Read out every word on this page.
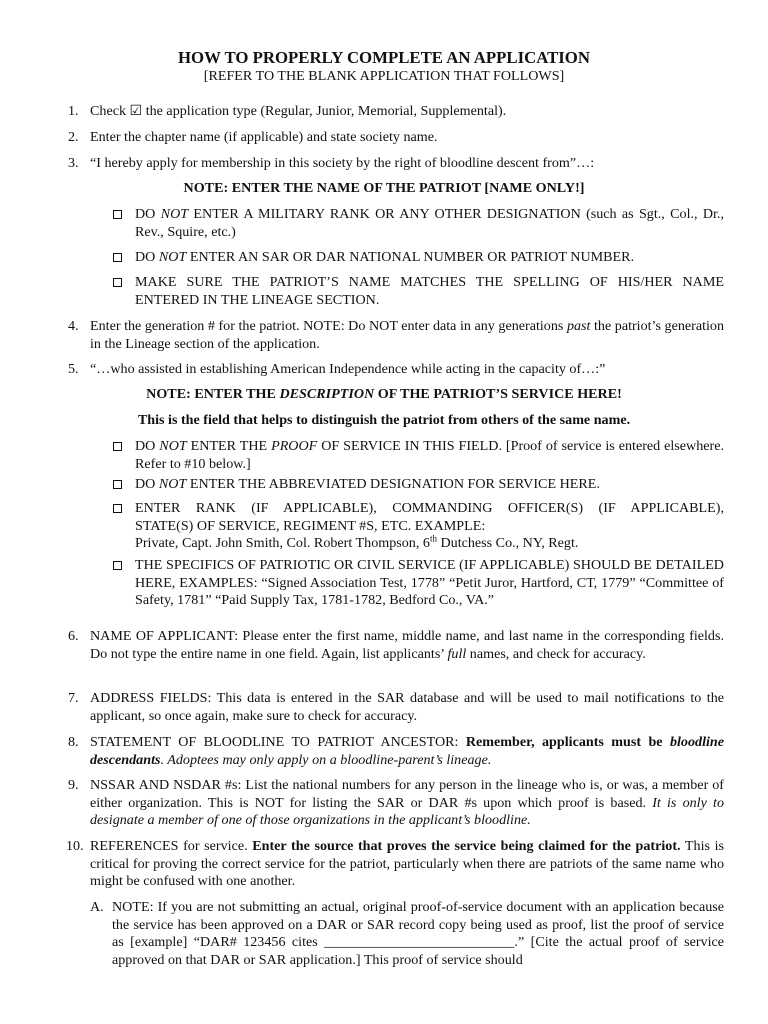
HOW TO PROPERLY COMPLETE AN APPLICATION
[REFER TO THE BLANK APPLICATION THAT FOLLOWS]
1. Check ☑ the application type (Regular, Junior, Memorial, Supplemental).
2. Enter the chapter name (if applicable) and state society name.
3. “I hereby apply for membership in this society by the right of bloodline descent from”…:
NOTE: ENTER THE NAME OF THE PATRIOT [NAME ONLY!]
DO NOT ENTER A MILITARY RANK OR ANY OTHER DESIGNATION (such as Sgt., Col., Dr., Rev., Squire, etc.)
DO NOT ENTER AN SAR OR DAR NATIONAL NUMBER OR PATRIOT NUMBER.
MAKE SURE THE PATRIOT’S NAME MATCHES THE SPELLING OF HIS/HER NAME ENTERED IN THE LINEAGE SECTION.
4. Enter the generation # for the patriot. NOTE: Do NOT enter data in any generations past the patriot’s generation in the Lineage section of the application.
5. “…who assisted in establishing American Independence while acting in the capacity of…:”
NOTE: ENTER THE DESCRIPTION OF THE PATRIOT’S SERVICE HERE!
This is the field that helps to distinguish the patriot from others of the same name.
DO NOT ENTER THE PROOF OF SERVICE IN THIS FIELD. [Proof of service is entered elsewhere. Refer to #10 below.]
DO NOT ENTER THE ABBREVIATED DESIGNATION FOR SERVICE HERE.
ENTER RANK (IF APPLICABLE), COMMANDING OFFICER(S) (IF APPLICABLE),
STATE(S) OF SERVICE, REGIMENT #S, ETC. EXAMPLE:
Private, Capt. John Smith, Col. Robert Thompson, 6th Dutchess Co., NY, Regt.
THE SPECIFICS OF PATRIOTIC OR CIVIL SERVICE (IF APPLICABLE) SHOULD BE DETAILED HERE, EXAMPLES: “Signed Association Test, 1778” “Petit Juror, Hartford, CT, 1779” “Committee of Safety, 1781” “Paid Supply Tax, 1781-1782, Bedford Co., VA.”
6. NAME OF APPLICANT: Please enter the first name, middle name, and last name in the corresponding fields. Do not type the entire name in one field. Again, list applicants’ full names, and check for accuracy.
7. ADDRESS FIELDS: This data is entered in the SAR database and will be used to mail notifications to the applicant, so once again, make sure to check for accuracy.
8. STATEMENT OF BLOODLINE TO PATRIOT ANCESTOR: Remember, applicants must be bloodline descendants. Adoptees may only apply on a bloodline-parent’s lineage.
9. NSSAR AND NSDAR #s: List the national numbers for any person in the lineage who is, or was, a member of either organization. This is NOT for listing the SAR or DAR #s upon which proof is based. It is only to designate a member of one of those organizations in the applicant’s bloodline.
10. REFERENCES for service. Enter the source that proves the service being claimed for the patriot. This is critical for proving the correct service for the patriot, particularly when there are patriots of the same name who might be confused with one another.
A. NOTE: If you are not submitting an actual, original proof-of-service document with an application because the service has been approved on a DAR or SAR record copy being used as proof, list the proof of service as [example] “DAR# 123456 cites ___________________________.” [Cite the actual proof of service approved on that DAR or SAR application.] This proof of service should
